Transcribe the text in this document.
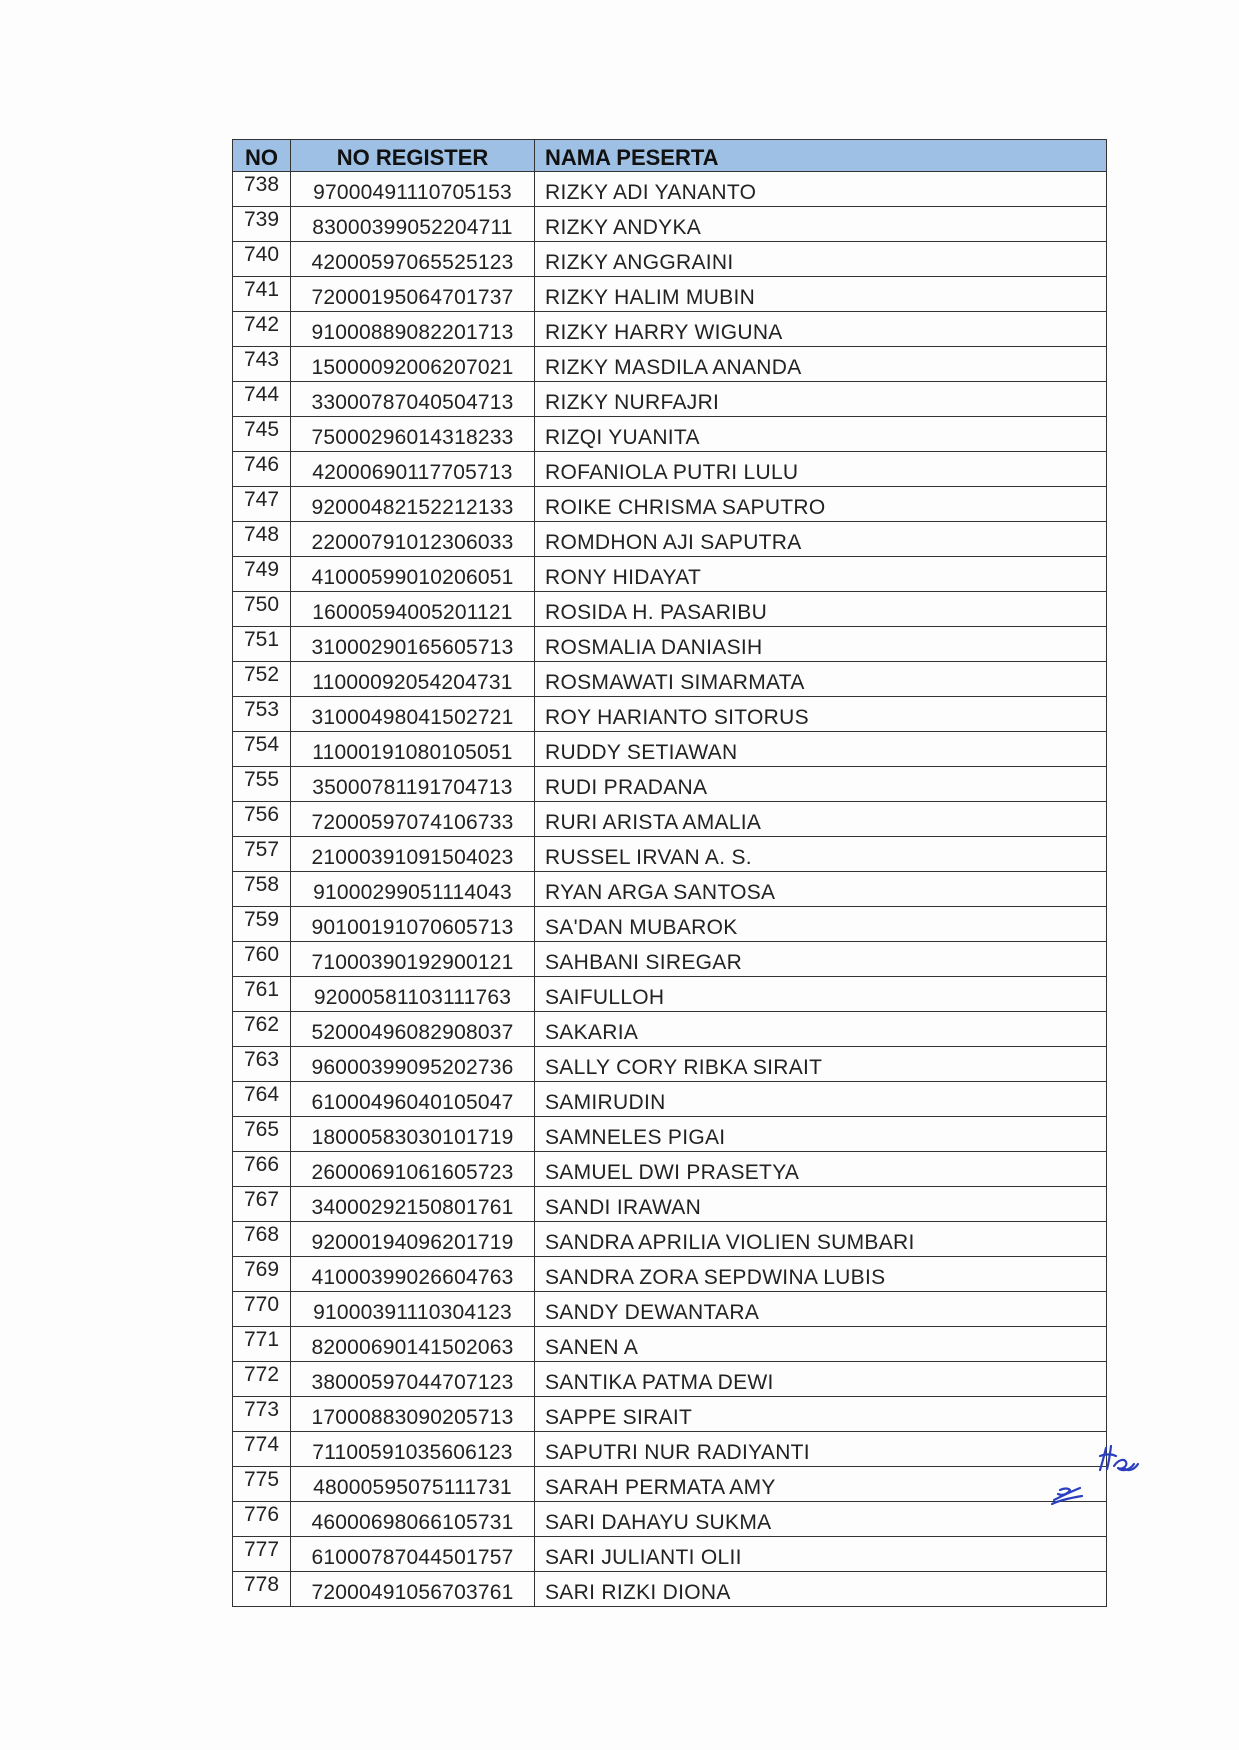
NO	NO REGISTER	NAMA PESERTA
738	97000491110705153	RIZKY ADI YANANTO
739	83000399052204711	RIZKY ANDYKA
740	42000597065525123	RIZKY ANGGRAINI
741	72000195064701737	RIZKY HALIM MUBIN
742	91000889082201713	RIZKY HARRY WIGUNA
743	15000092006207021	RIZKY MASDILA ANANDA
744	33000787040504713	RIZKY NURFAJRI
745	75000296014318233	RIZQI YUANITA
746	42000690117705713	ROFANIOLA PUTRI LULU
747	92000482152212133	ROIKE CHRISMA SAPUTRO
748	22000791012306033	ROMDHON AJI SAPUTRA
749	41000599010206051	RONY HIDAYAT
750	16000594005201121	ROSIDA H. PASARIBU
751	31000290165605713	ROSMALIA DANIASIH
752	11000092054204731	ROSMAWATI SIMARMATA
753	31000498041502721	ROY HARIANTO SITORUS
754	11000191080105051	RUDDY SETIAWAN
755	35000781191704713	RUDI PRADANA
756	72000597074106733	RURI ARISTA AMALIA
757	21000391091504023	RUSSEL IRVAN A. S.
758	91000299051114043	RYAN ARGA SANTOSA
759	90100191070605713	SA'DAN MUBAROK
760	71000390192900121	SAHBANI SIREGAR
761	92000581103111763	SAIFULLOH
762	52000496082908037	SAKARIA
763	96000399095202736	SALLY CORY RIBKA SIRAIT
764	61000496040105047	SAMIRUDIN
765	18000583030101719	SAMNELES PIGAI
766	26000691061605723	SAMUEL DWI PRASETYA
767	34000292150801761	SANDI IRAWAN
768	92000194096201719	SANDRA APRILIA VIOLIEN SUMBARI
769	41000399026604763	SANDRA ZORA SEPDWINA LUBIS
770	91000391110304123	SANDY DEWANTARA
771	82000690141502063	SANEN A
772	38000597044707123	SANTIKA PATMA DEWI
773	17000883090205713	SAPPE SIRAIT
774	71100591035606123	SAPUTRI NUR RADIYANTI
775	48000595075111731	SARAH PERMATA AMY
776	46000698066105731	SARI DAHAYU SUKMA
777	61000787044501757	SARI JULIANTI OLII
778	72000491056703761	SARI RIZKI DIONA
